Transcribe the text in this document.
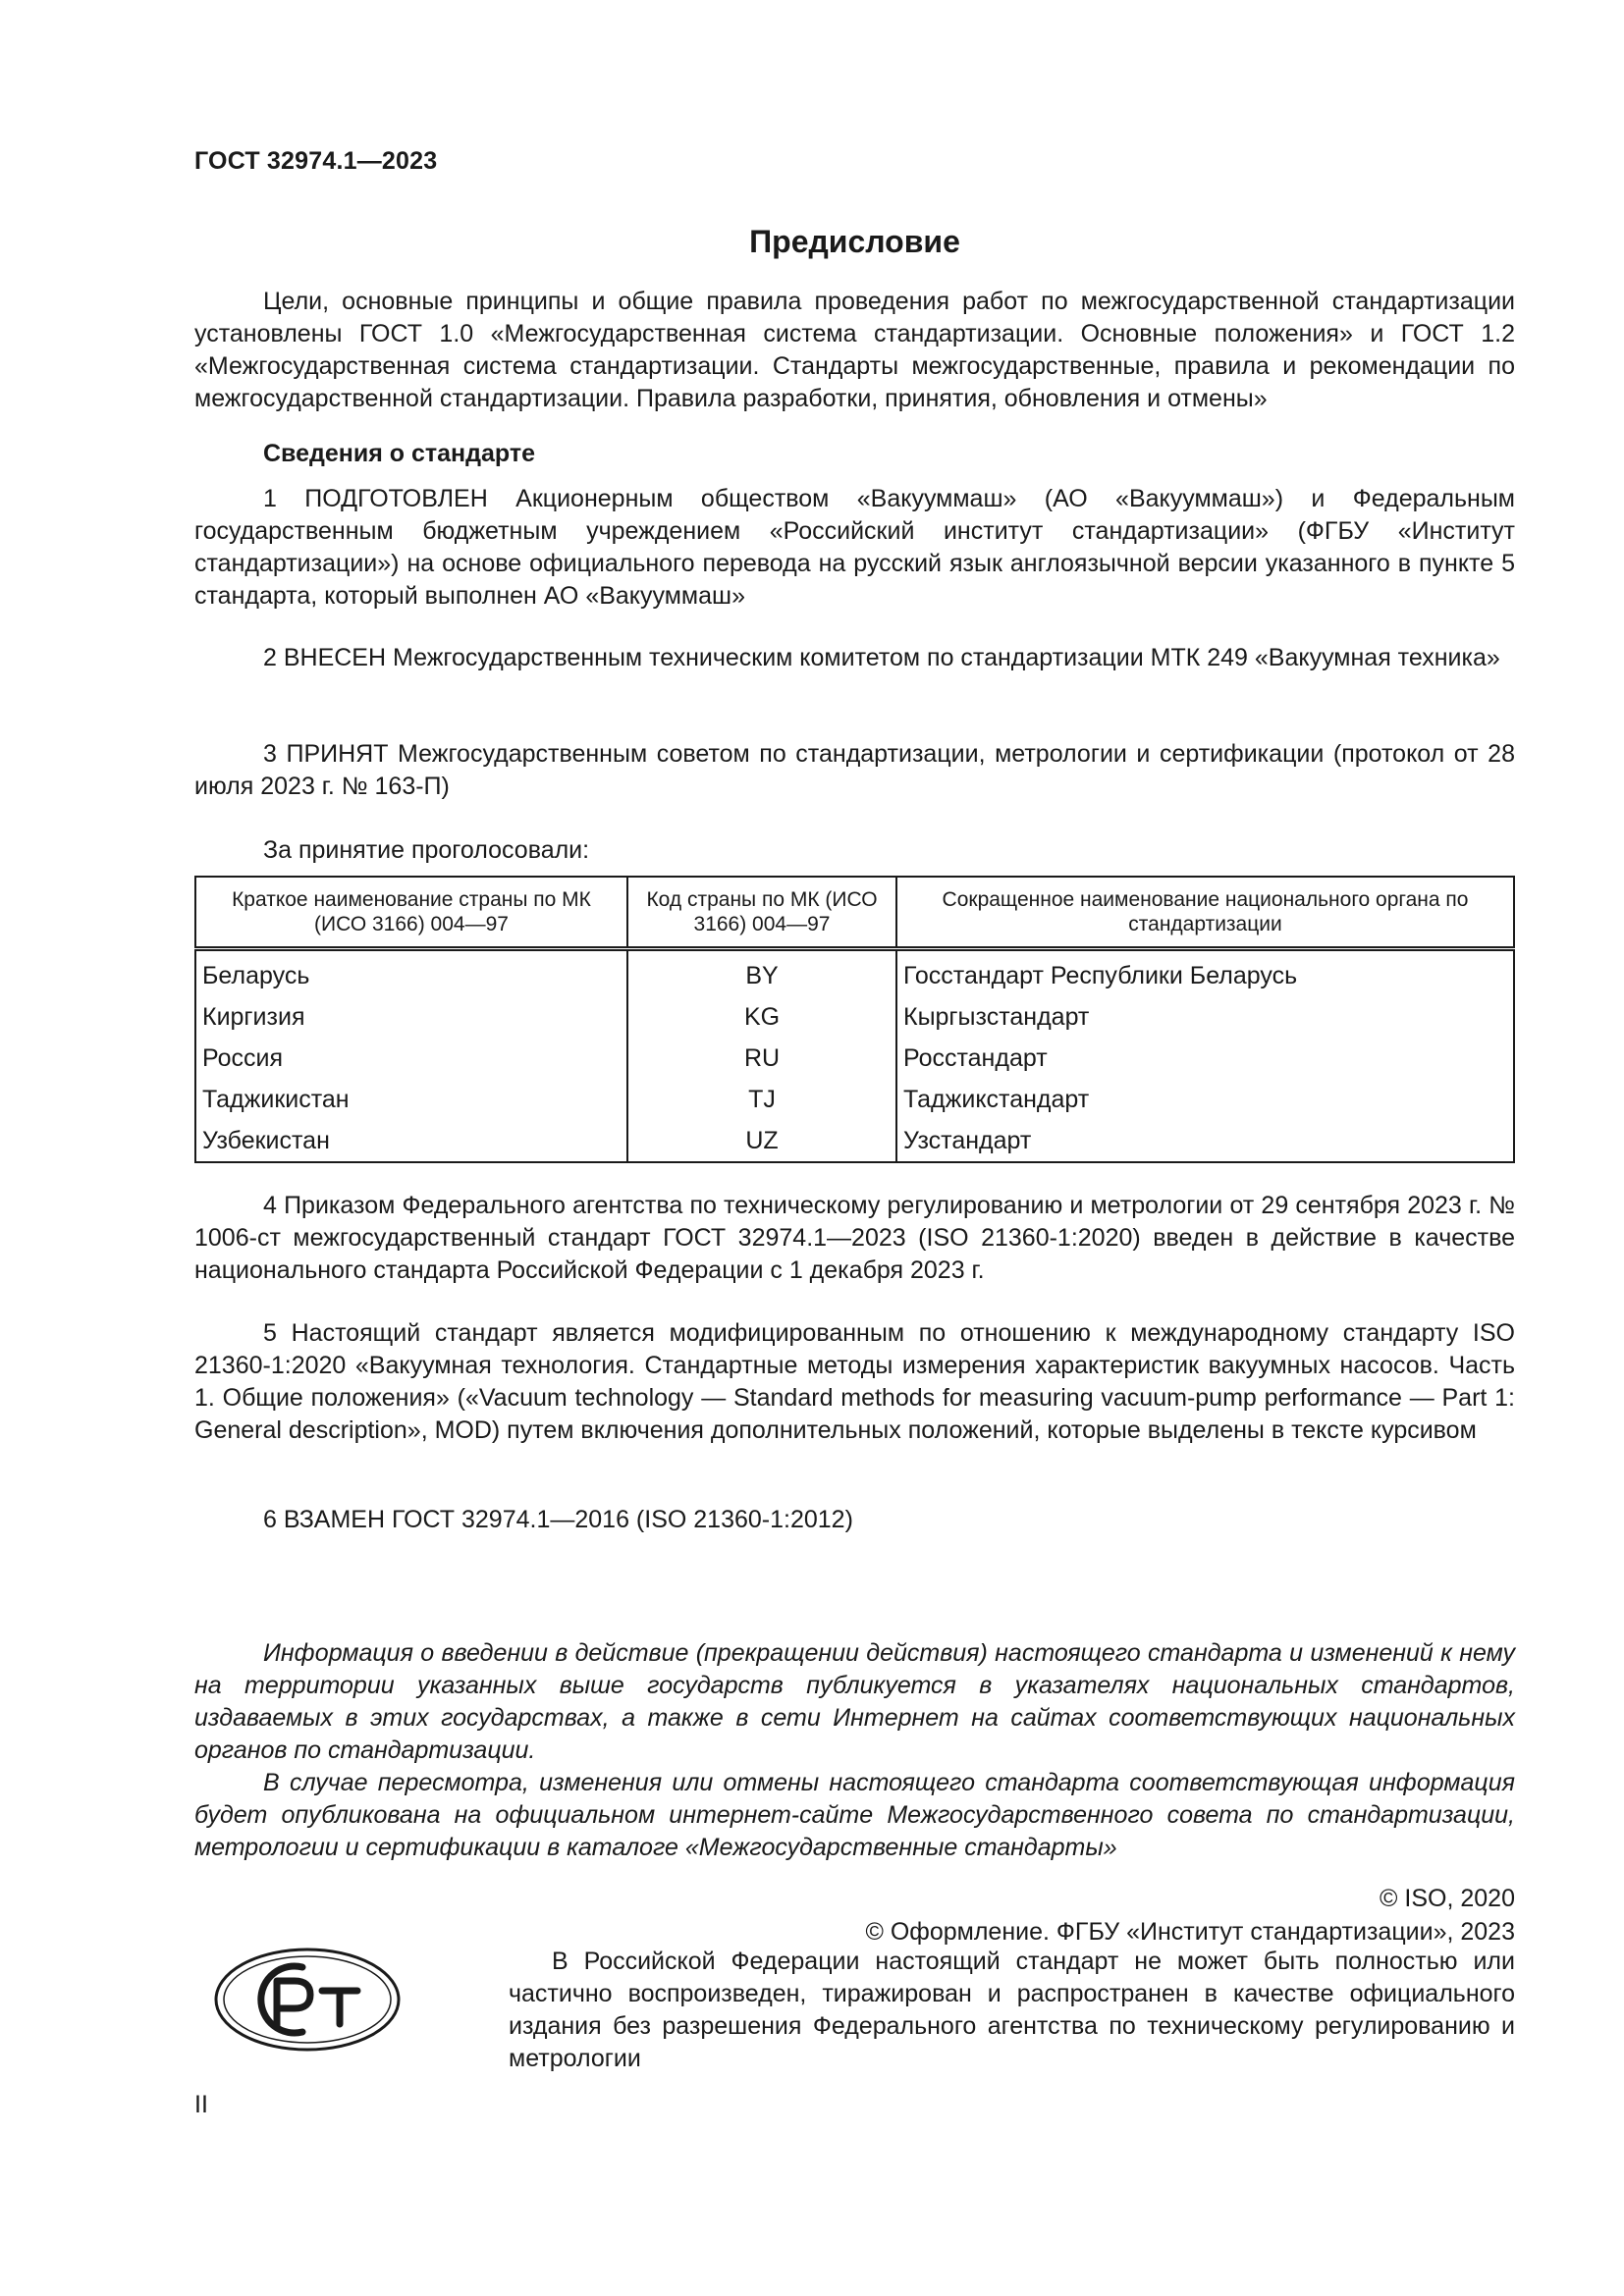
ГОСТ 32974.1—2023
Предисловие

Цели, основные принципы и общие правила проведения работ по межгосударственной стандартизации установлены ГОСТ 1.0 «Межгосударственная система стандартизации. Основные положения» и ГОСТ 1.2 «Межгосударственная система стандартизации. Стандарты межгосударственные, правила и рекомендации по межгосударственной стандартизации. Правила разработки, принятия, обновления и отмены»

Сведения о стандарте

1 ПОДГОТОВЛЕН Акционерным обществом «Вакууммаш» (АО «Вакууммаш») и Федеральным государственным бюджетным учреждением «Российский институт стандартизации» (ФГБУ «Институт стандартизации») на основе официального перевода на русский язык англоязычной версии указанного в пункте 5 стандарта, который выполнен АО «Вакууммаш»

2 ВНЕСЕН Межгосударственным техническим комитетом по стандартизации МТК 249 «Вакуумная техника»

3 ПРИНЯТ Межгосударственным советом по стандартизации, метрологии и сертификации (протокол от 28 июля 2023 г. № 163-П)

За принятие проголосовали:
Краткое наименование страны по МК (ИСО 3166) 004—97	Код страны по МК (ИСО 3166) 004—97	Сокращенное наименование национального органа по стандартизации
Беларусь	BY	Госстандарт Республики Беларусь
Киргизия	KG	Кыргызстандарт
Россия	RU	Росстандарт
Таджикистан	TJ	Таджикстандарт
Узбекистан	UZ	Узстандарт

4 Приказом Федерального агентства по техническому регулированию и метрологии от 29 сентября 2023 г. № 1006-ст межгосударственный стандарт ГОСТ 32974.1—2023 (ISO 21360-1:2020) введен в действие в качестве национального стандарта Российской Федерации с 1 декабря 2023 г.

5 Настоящий стандарт является модифицированным по отношению к международному стандарту ISO 21360-1:2020 «Вакуумная технология. Стандартные методы измерения характеристик вакуумных насосов. Часть 1. Общие положения» («Vacuum technology — Standard methods for measuring vacuum-pump performance — Part 1: General description», MOD) путем включения дополнительных положений, которые выделены в тексте курсивом

6 ВЗАМЕН ГОСТ 32974.1—2016 (ISO 21360-1:2012)

Информация о введении в действие (прекращении действия) настоящего стандарта и изменений к нему на территории указанных выше государств публикуется в указателях национальных стандартов, издаваемых в этих государствах, а также в сети Интернет на сайтах соответствующих национальных органов по стандартизации.

В случае пересмотра, изменения или отмены настоящего стандарта соответствующая информация будет опубликована на официальном интернет-сайте Межгосударственного совета по стандартизации, метрологии и сертификации в каталоге «Межгосударственные стандарты»

© ISO, 2020
© Оформление. ФГБУ «Институт стандартизации», 2023

В Российской Федерации настоящий стандарт не может быть полностью или частично воспроизведен, тиражирован и распространен в качестве официального издания без разрешения Федерального агентства по техническому регулированию и метрологии

II
